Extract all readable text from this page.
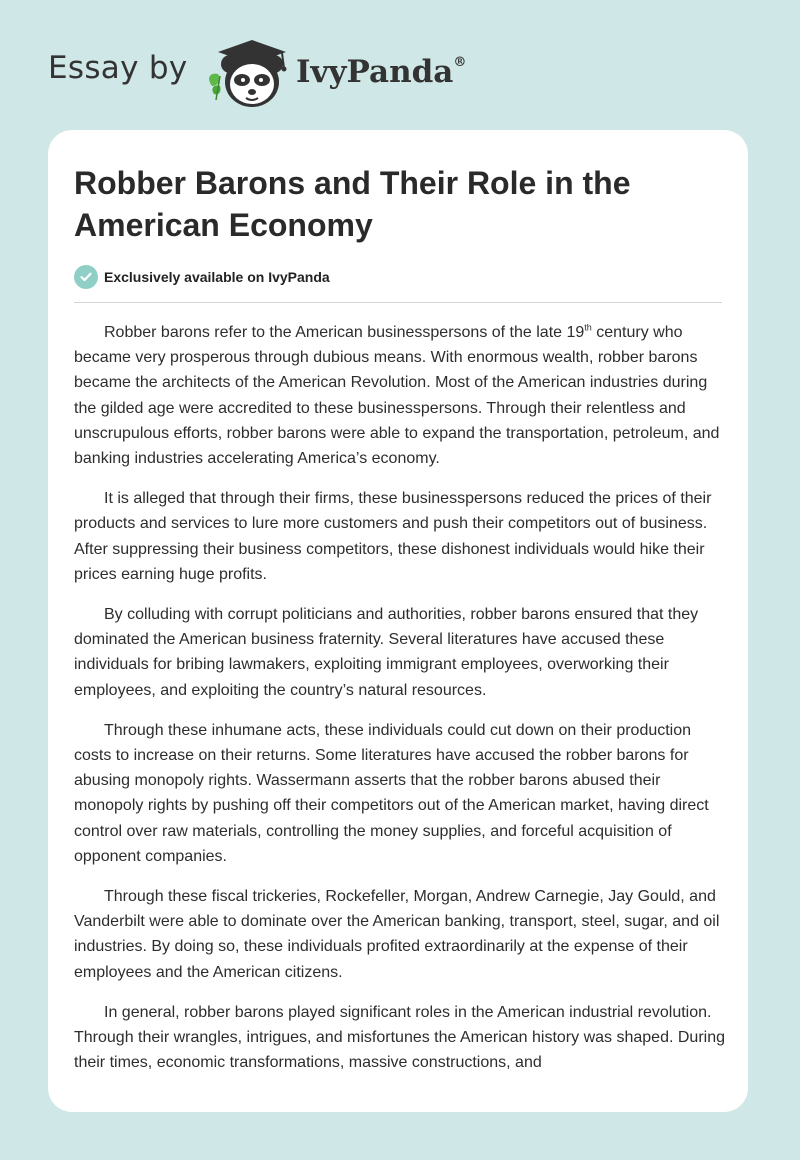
Essay by	IvyPanda®
Robber Barons and Their Role in the American Economy
Exclusively available on IvyPanda

Robber barons refer to the American businesspersons of the late 19th century who became very prosperous through dubious means. With enormous wealth, robber barons became the architects of the American Revolution. Most of the American industries during the gilded age were accredited to these businesspersons. Through their relentless and unscrupulous efforts, robber barons were able to expand the transportation, petroleum, and banking industries accelerating America’s economy.

It is alleged that through their firms, these businesspersons reduced the prices of their products and services to lure more customers and push their competitors out of business. After suppressing their business competitors, these dishonest individuals would hike their prices earning huge profits.

By colluding with corrupt politicians and authorities, robber barons ensured that they dominated the American business fraternity. Several literatures have accused these individuals for bribing lawmakers, exploiting immigrant employees, overworking their employees, and exploiting the country’s natural resources.

Through these inhumane acts, these individuals could cut down on their production costs to increase on their returns. Some literatures have accused the robber barons for abusing monopoly rights. Wassermann asserts that the robber barons abused their monopoly rights by pushing off their competitors out of the American market, having direct control over raw materials, controlling the money supplies, and forceful acquisition of opponent companies.

Through these fiscal trickeries, Rockefeller, Morgan, Andrew Carnegie, Jay Gould, and Vanderbilt were able to dominate over the American banking, transport, steel, sugar, and oil industries. By doing so, these individuals profited extraordinarily at the expense of their employees and the American citizens.

In general, robber barons played significant roles in the American industrial revolution. Through their wrangles, intrigues, and misfortunes the American history was shaped. During their times, economic transformations, massive constructions, and
